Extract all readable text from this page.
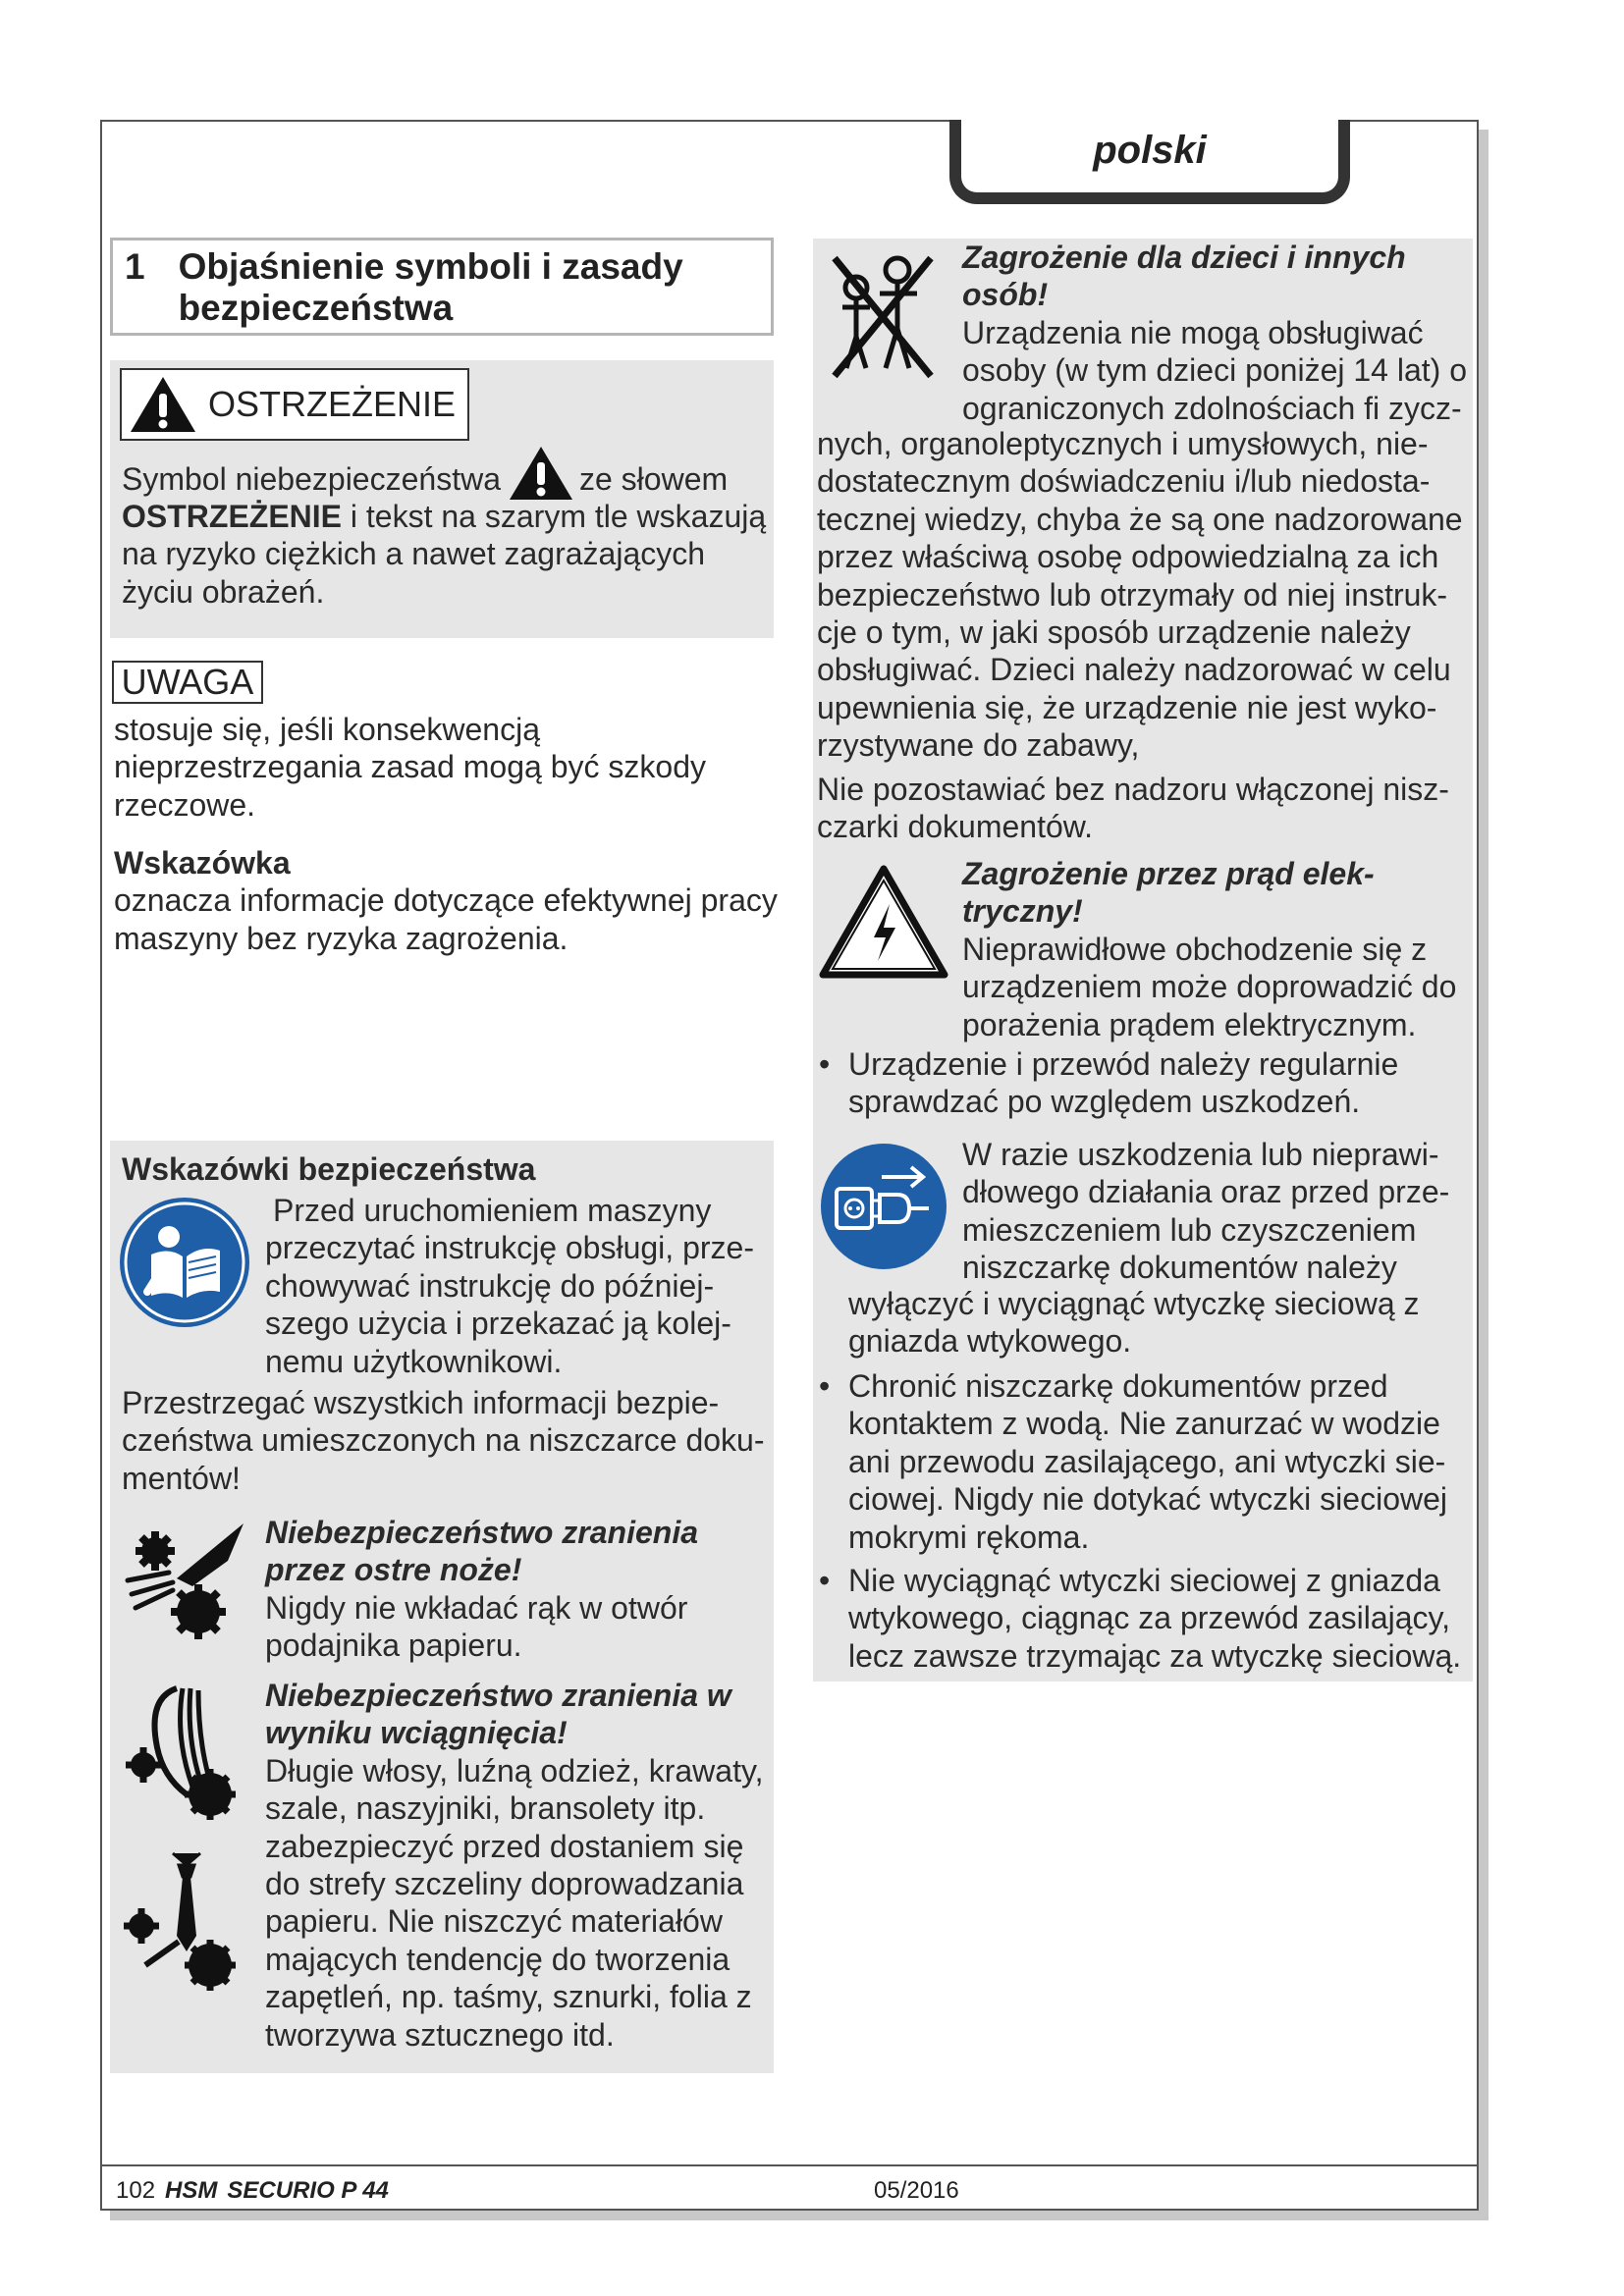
polski
1 Objaśnienie symboli i zasady
bezpieczeństwa
OSTRZEŻENIE
Symbol niebezpieczeństwa	ze słowem
OSTRZEŻENIE i tekst na szarym tle wskazują
na ryzyko ciężkich a nawet zagrażających
życiu obrażeń.
UWAGA
stosuje się, jeśli konsekwencją
nieprzestrzegania zasad mogą być szkody
rzeczowe.
Wskazówka
oznacza informacje dotyczące efektywnej pracy
maszyny bez ryzyka zagrożenia.
Wskazówki bezpieczeństwa
Przed uruchomieniem maszyny
przeczytać instrukcję obsługi, prze-
chowywać instrukcję do później-
szego użycia i przekazać ją kolej-
nemu użytkownikowi.
Przestrzegać wszystkich informacji bezpie-
czeństwa umieszczonych na niszczarce doku-
mentów!
Niebezpieczeństwo zranienia
przez ostre noże!
Nigdy nie wkładać rąk w otwór
podajnika papieru.
Niebezpieczeństwo zranienia w
wyniku wciągnięcia!
Długie włosy, luźną odzież, krawaty,
szale, naszyjniki, bransolety itp.
zabezpieczyć przed dostaniem się
do strefy szczeliny doprowadzania
papieru. Nie niszczyć materiałów
mających tendencję do tworzenia
zapętleń, np. taśmy, sznurki, folia z
tworzywa sztucznego itd.
Zagrożenie dla dzieci i innych
osób!
Urządzenia nie mogą obsługiwać
osoby (w tym dzieci poniżej 14 lat) o
ograniczonych zdolnościach fi zycz-
nych, organoleptycznych i umysłowych, nie-
dostatecznym doświadczeniu i/lub niedosta-
tecznej wiedzy, chyba że są one nadzorowane
przez właściwą osobę odpowiedzialną za ich
bezpieczeństwo lub otrzymały od niej instruk-
cje o tym, w jaki sposób urządzenie należy
obsługiwać. Dzieci należy nadzorować w celu
upewnienia się, że urządzenie nie jest wyko-
rzystywane do zabawy,
Nie pozostawiać bez nadzoru włączonej nisz-
czarki dokumentów.
Zagrożenie przez prąd elek-
tryczny!
Nieprawidłowe obchodzenie się z
urządzeniem może doprowadzić do
porażenia prądem elektrycznym.
• Urządzenie i przewód należy regularnie
sprawdzać po względem uszkodzeń.
W razie uszkodzenia lub nieprawi-
dłowego działania oraz przed prze-
mieszczeniem lub czyszczeniem
niszczarkę dokumentów należy
wyłączyć i wyciągnąć wtyczkę sieciową z
gniazda wtykowego.
• Chronić niszczarkę dokumentów przed
kontaktem z wodą. Nie zanurzać w wodzie
ani przewodu zasilającego, ani wtyczki sie-
ciowej. Nigdy nie dotykać wtyczki sieciowej
mokrymi rękoma.
• Nie wyciągnąć wtyczki sieciowej z gniazda
wtykowego, ciągnąc za przewód zasilający,
lecz zawsze trzymając za wtyczkę sieciową.
102 HSM SECURIO P 44	05/2016
